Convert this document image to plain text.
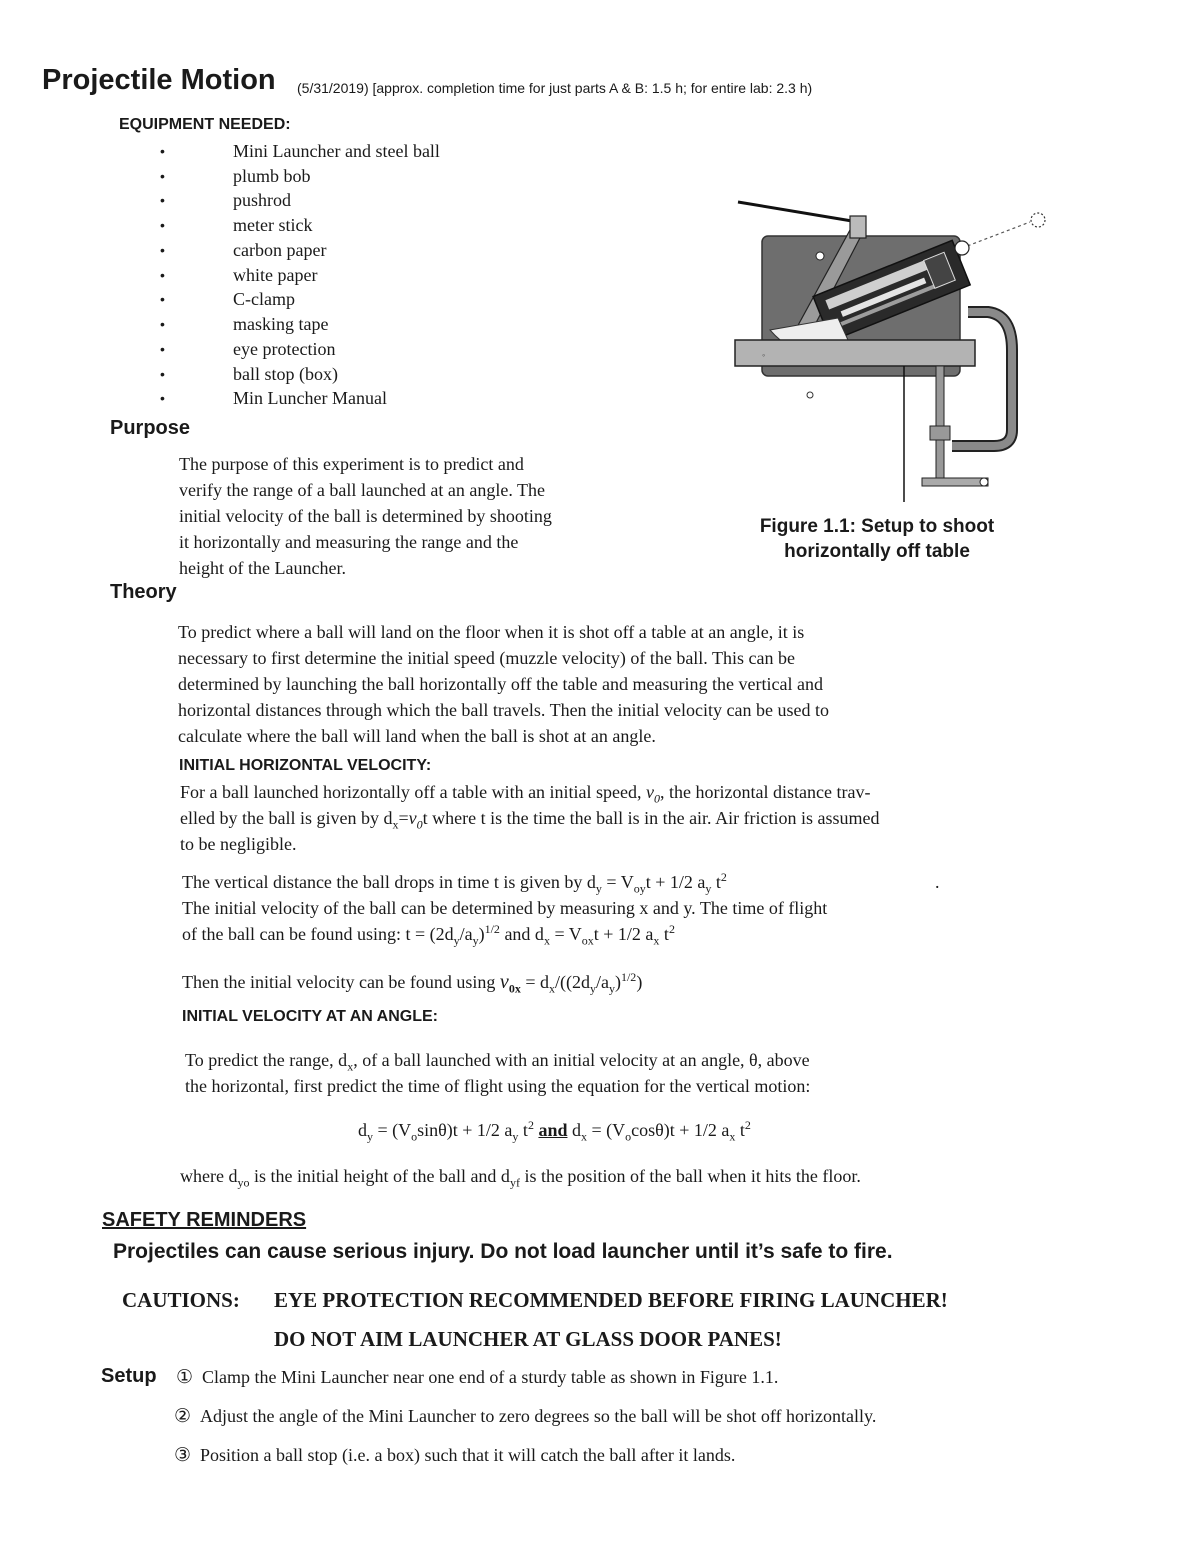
Projectile Motion (5/31/2019) [approx. completion time for just parts A & B: 1.5 h; for entire lab: 2.3 h)
EQUIPMENT NEEDED:
•	Mini Launcher and steel ball
•	plumb bob
•	pushrod
•	meter stick
•	carbon paper
•	white paper
•	C-clamp
•	masking tape
•	eye protection
•	ball stop (box)
•	Min Luncher Manual
Purpose
The purpose of this experiment is to predict and
verify the range of a ball launched at an angle. The
initial velocity of the ball is determined by shooting
it horizontally and measuring the range and the
height of the Launcher.
◦
Figure 1.1: Setup to shoot
horizontally off table
Theory
To predict where a ball will land on the floor when it is shot off a table at an angle, it is
necessary to first determine the initial speed (muzzle velocity) of the ball. This can be
determined by launching the ball horizontally off the table and measuring the vertical and
horizontal distances through which the ball travels. Then the initial velocity can be used to
calculate where the ball will land when the ball is shot at an angle.
INITIAL HORIZONTAL VELOCITY:
For a ball launched horizontally off a table with an initial speed, $v_0$, the horizontal distance trav-
elled by the ball is given by $d_x=v_0t$ where t is the time the ball is in the air. Air friction is assumed
to be negligible.
The vertical distance the ball drops in time t is given by $d_y = V_{oy}t + 1/2$ $a_y$ $t^2$	.
The initial velocity of the ball can be determined by measuring x and y. The time of flight
of the ball can be found using: $t = (2d_y/a_y)^{1/2}$ and $d_x = V_{ox}t + 1/2$ $a_x$ $t^2$
Then the initial velocity can be found using $v_{0x} = d_x/((2d_y/a_y)^{1/2})$
INITIAL VELOCITY AT AN ANGLE:
To predict the range, $d_x$, of a ball launched with an initial velocity at an angle, θ, above
the horizontal, first predict the time of flight using the equation for the vertical motion:
$d_y = (V_o\sin\theta)t + 1/2$ $a_y$ $t^2$ and $d_x = (V_o\cos\theta)t + 1/2$ $a_x$ $t^2$
where $d_{yo}$ is the initial height of the ball and $d_{yf}$ is the position of the ball when it hits the floor.
SAFETY REMINDERS
Projectiles can cause serious injury. Do not load launcher until it’s safe to fire.
CAUTIONS: EYE PROTECTION RECOMMENDED BEFORE FIRING LAUNCHER!
DO NOT AIM LAUNCHER AT GLASS DOOR PANES!
Setup ① Clamp the Mini Launcher near one end of a sturdy table as shown in Figure 1.1.
② Adjust the angle of the Mini Launcher to zero degrees so the ball will be shot off horizontally.
③ Position a ball stop (i.e. a box) such that it will catch the ball after it lands.
